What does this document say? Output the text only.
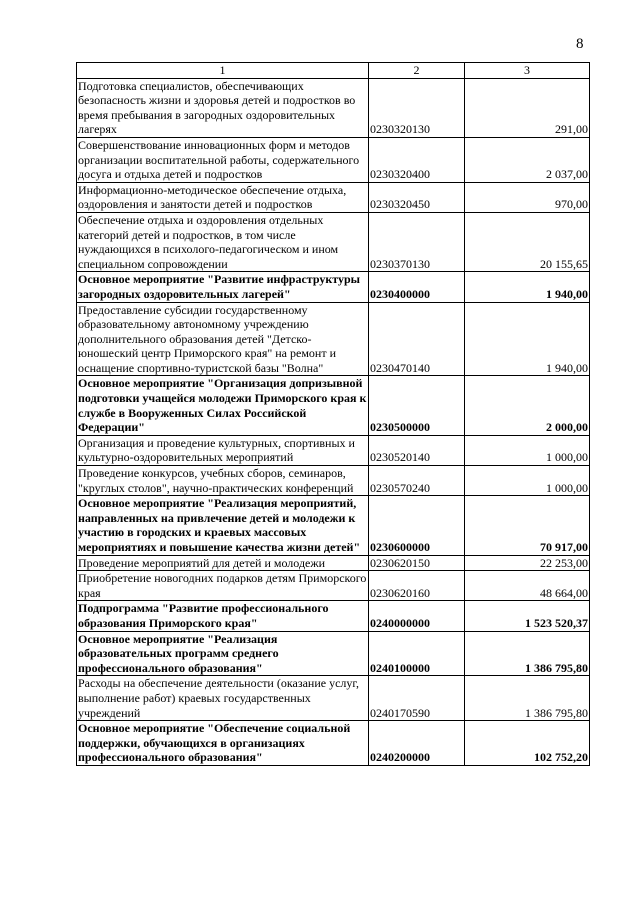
8
1	2	3
Подготовка специалистов, обеспечивающих безопасность жизни и здоровья детей и подростков во время пребывания в загородных оздоровительных лагерях	0230320130	291,00
Совершенствование инновационных форм и методов организации воспитательной работы, содержательного досуга и отдыха детей и подростков	0230320400	2 037,00
Информационно-методическое обеспечение отдыха, оздоровления и занятости детей и подростков	0230320450	970,00
Обеспечение отдыха и оздоровления отдельных категорий детей и подростков, в том числе нуждающихся в психолого-педагогическом и ином специальном сопровождении	0230370130	20 155,65
Основное мероприятие "Развитие инфраструктуры загородных оздоровительных лагерей"	0230400000	1 940,00
Предоставление субсидии государственному образовательному автономному учреждению дополнительного образования детей "Детско-юношеский центр Приморского края" на ремонт и оснащение спортивно-туристской базы "Волна"	0230470140	1 940,00
Основное мероприятие "Организация допризывной подготовки учащейся молодежи Приморского края к службе в Вооруженных Силах Российской Федерации"	0230500000	2 000,00
Организация и проведение культурных, спортивных и культурно-оздоровительных мероприятий	0230520140	1 000,00
Проведение конкурсов, учебных сборов, семинаров, "круглых столов", научно-практических конференций	0230570240	1 000,00
Основное мероприятие "Реализация мероприятий, направленных на привлечение детей и молодежи к участию в городских и краевых массовых мероприятиях и повышение качества жизни детей"	0230600000	70 917,00
Проведение мероприятий для детей и молодежи	0230620150	22 253,00
Приобретение новогодних подарков детям Приморского края	0230620160	48 664,00
Подпрограмма "Развитие профессионального образования Приморского края"	0240000000	1 523 520,37
Основное мероприятие "Реализация образовательных программ среднего профессионального образования"	0240100000	1 386 795,80
Расходы на обеспечение деятельности (оказание услуг, выполнение работ) краевых государственных учреждений	0240170590	1 386 795,80
Основное мероприятие "Обеспечение социальной поддержки, обучающихся в организациях профессионального образования"	0240200000	102 752,20
